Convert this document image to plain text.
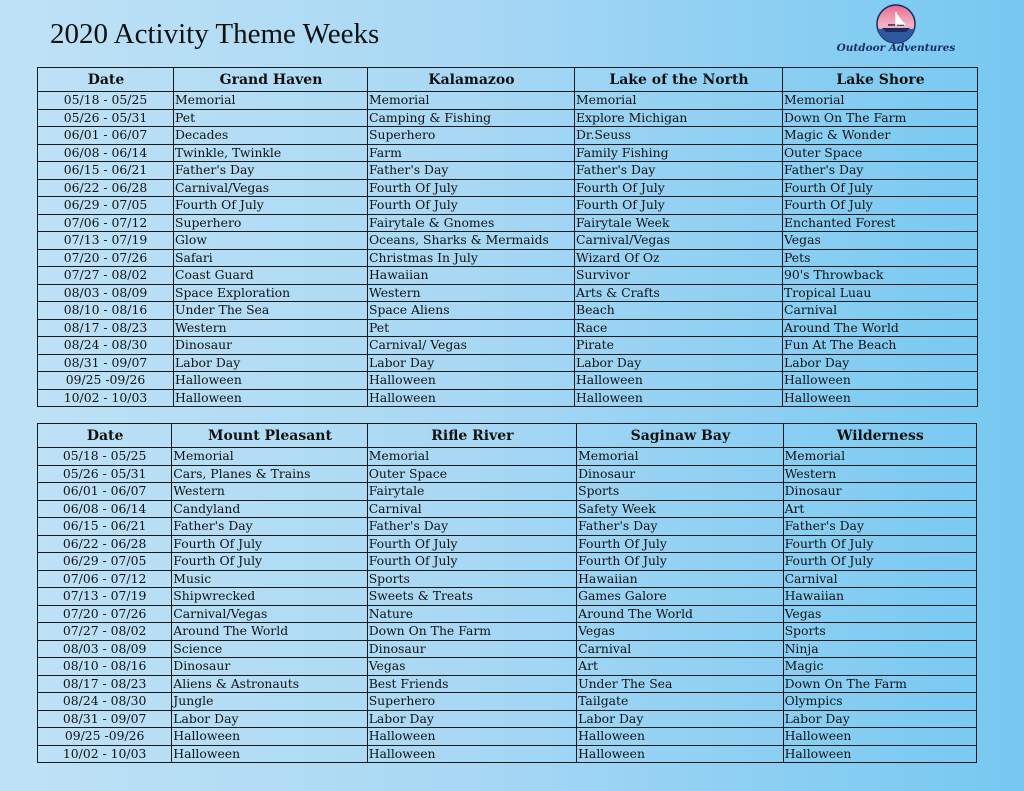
2020 Activity Theme Weeks	Outdoor Adventures
Date	Grand Haven	Kalamazoo	Lake of the North	Lake Shore
05/18 - 05/25	Memorial	Memorial	Memorial	Memorial
05/26 - 05/31	Pet	Camping & Fishing	Explore Michigan	Down On The Farm
06/01 - 06/07	Decades	Superhero	Dr.Seuss	Magic & Wonder
06/08 - 06/14	Twinkle, Twinkle	Farm	Family Fishing	Outer Space
06/15 - 06/21	Father's Day	Father's Day	Father's Day	Father's Day
06/22 - 06/28	Carnival/Vegas	Fourth Of July	Fourth Of July	Fourth Of July
06/29 - 07/05	Fourth Of July	Fourth Of July	Fourth Of July	Fourth Of July
07/06 - 07/12	Superhero	Fairytale & Gnomes	Fairytale Week	Enchanted Forest
07/13 - 07/19	Glow	Oceans, Sharks & Mermaids	Carnival/Vegas	Vegas
07/20 - 07/26	Safari	Christmas In July	Wizard Of Oz	Pets
07/27 - 08/02	Coast Guard	Hawaiian	Survivor	90's Throwback
08/03 - 08/09	Space Exploration	Western	Arts & Crafts	Tropical Luau
08/10 - 08/16	Under The Sea	Space Aliens	Beach	Carnival
08/17 - 08/23	Western	Pet	Race	Around The World
08/24 - 08/30	Dinosaur	Carnival/ Vegas	Pirate	Fun At The Beach
08/31 - 09/07	Labor Day	Labor Day	Labor Day	Labor Day
09/25 -09/26	Halloween	Halloween	Halloween	Halloween
10/02 - 10/03	Halloween	Halloween	Halloween	Halloween
Date	Mount Pleasant	Rifle River	Saginaw Bay	Wilderness
05/18 - 05/25	Memorial	Memorial	Memorial	Memorial
05/26 - 05/31	Cars, Planes & Trains	Outer Space	Dinosaur	Western
06/01 - 06/07	Western	Fairytale	Sports	Dinosaur
06/08 - 06/14	Candyland	Carnival	Safety Week	Art
06/15 - 06/21	Father's Day	Father's Day	Father's Day	Father's Day
06/22 - 06/28	Fourth Of July	Fourth Of July	Fourth Of July	Fourth Of July
06/29 - 07/05	Fourth Of July	Fourth Of July	Fourth Of July	Fourth Of July
07/06 - 07/12	Music	Sports	Hawaiian	Carnival
07/13 - 07/19	Shipwrecked	Sweets & Treats	Games Galore	Hawaiian
07/20 - 07/26	Carnival/Vegas	Nature	Around The World	Vegas
07/27 - 08/02	Around The World	Down On The Farm	Vegas	Sports
08/03 - 08/09	Science	Dinosaur	Carnival	Ninja
08/10 - 08/16	Dinosaur	Vegas	Art	Magic
08/17 - 08/23	Aliens & Astronauts	Best Friends	Under The Sea	Down On The Farm
08/24 - 08/30	Jungle	Superhero	Tailgate	Olympics
08/31 - 09/07	Labor Day	Labor Day	Labor Day	Labor Day
09/25 -09/26	Halloween	Halloween	Halloween	Halloween
10/02 - 10/03	Halloween	Halloween	Halloween	Halloween
